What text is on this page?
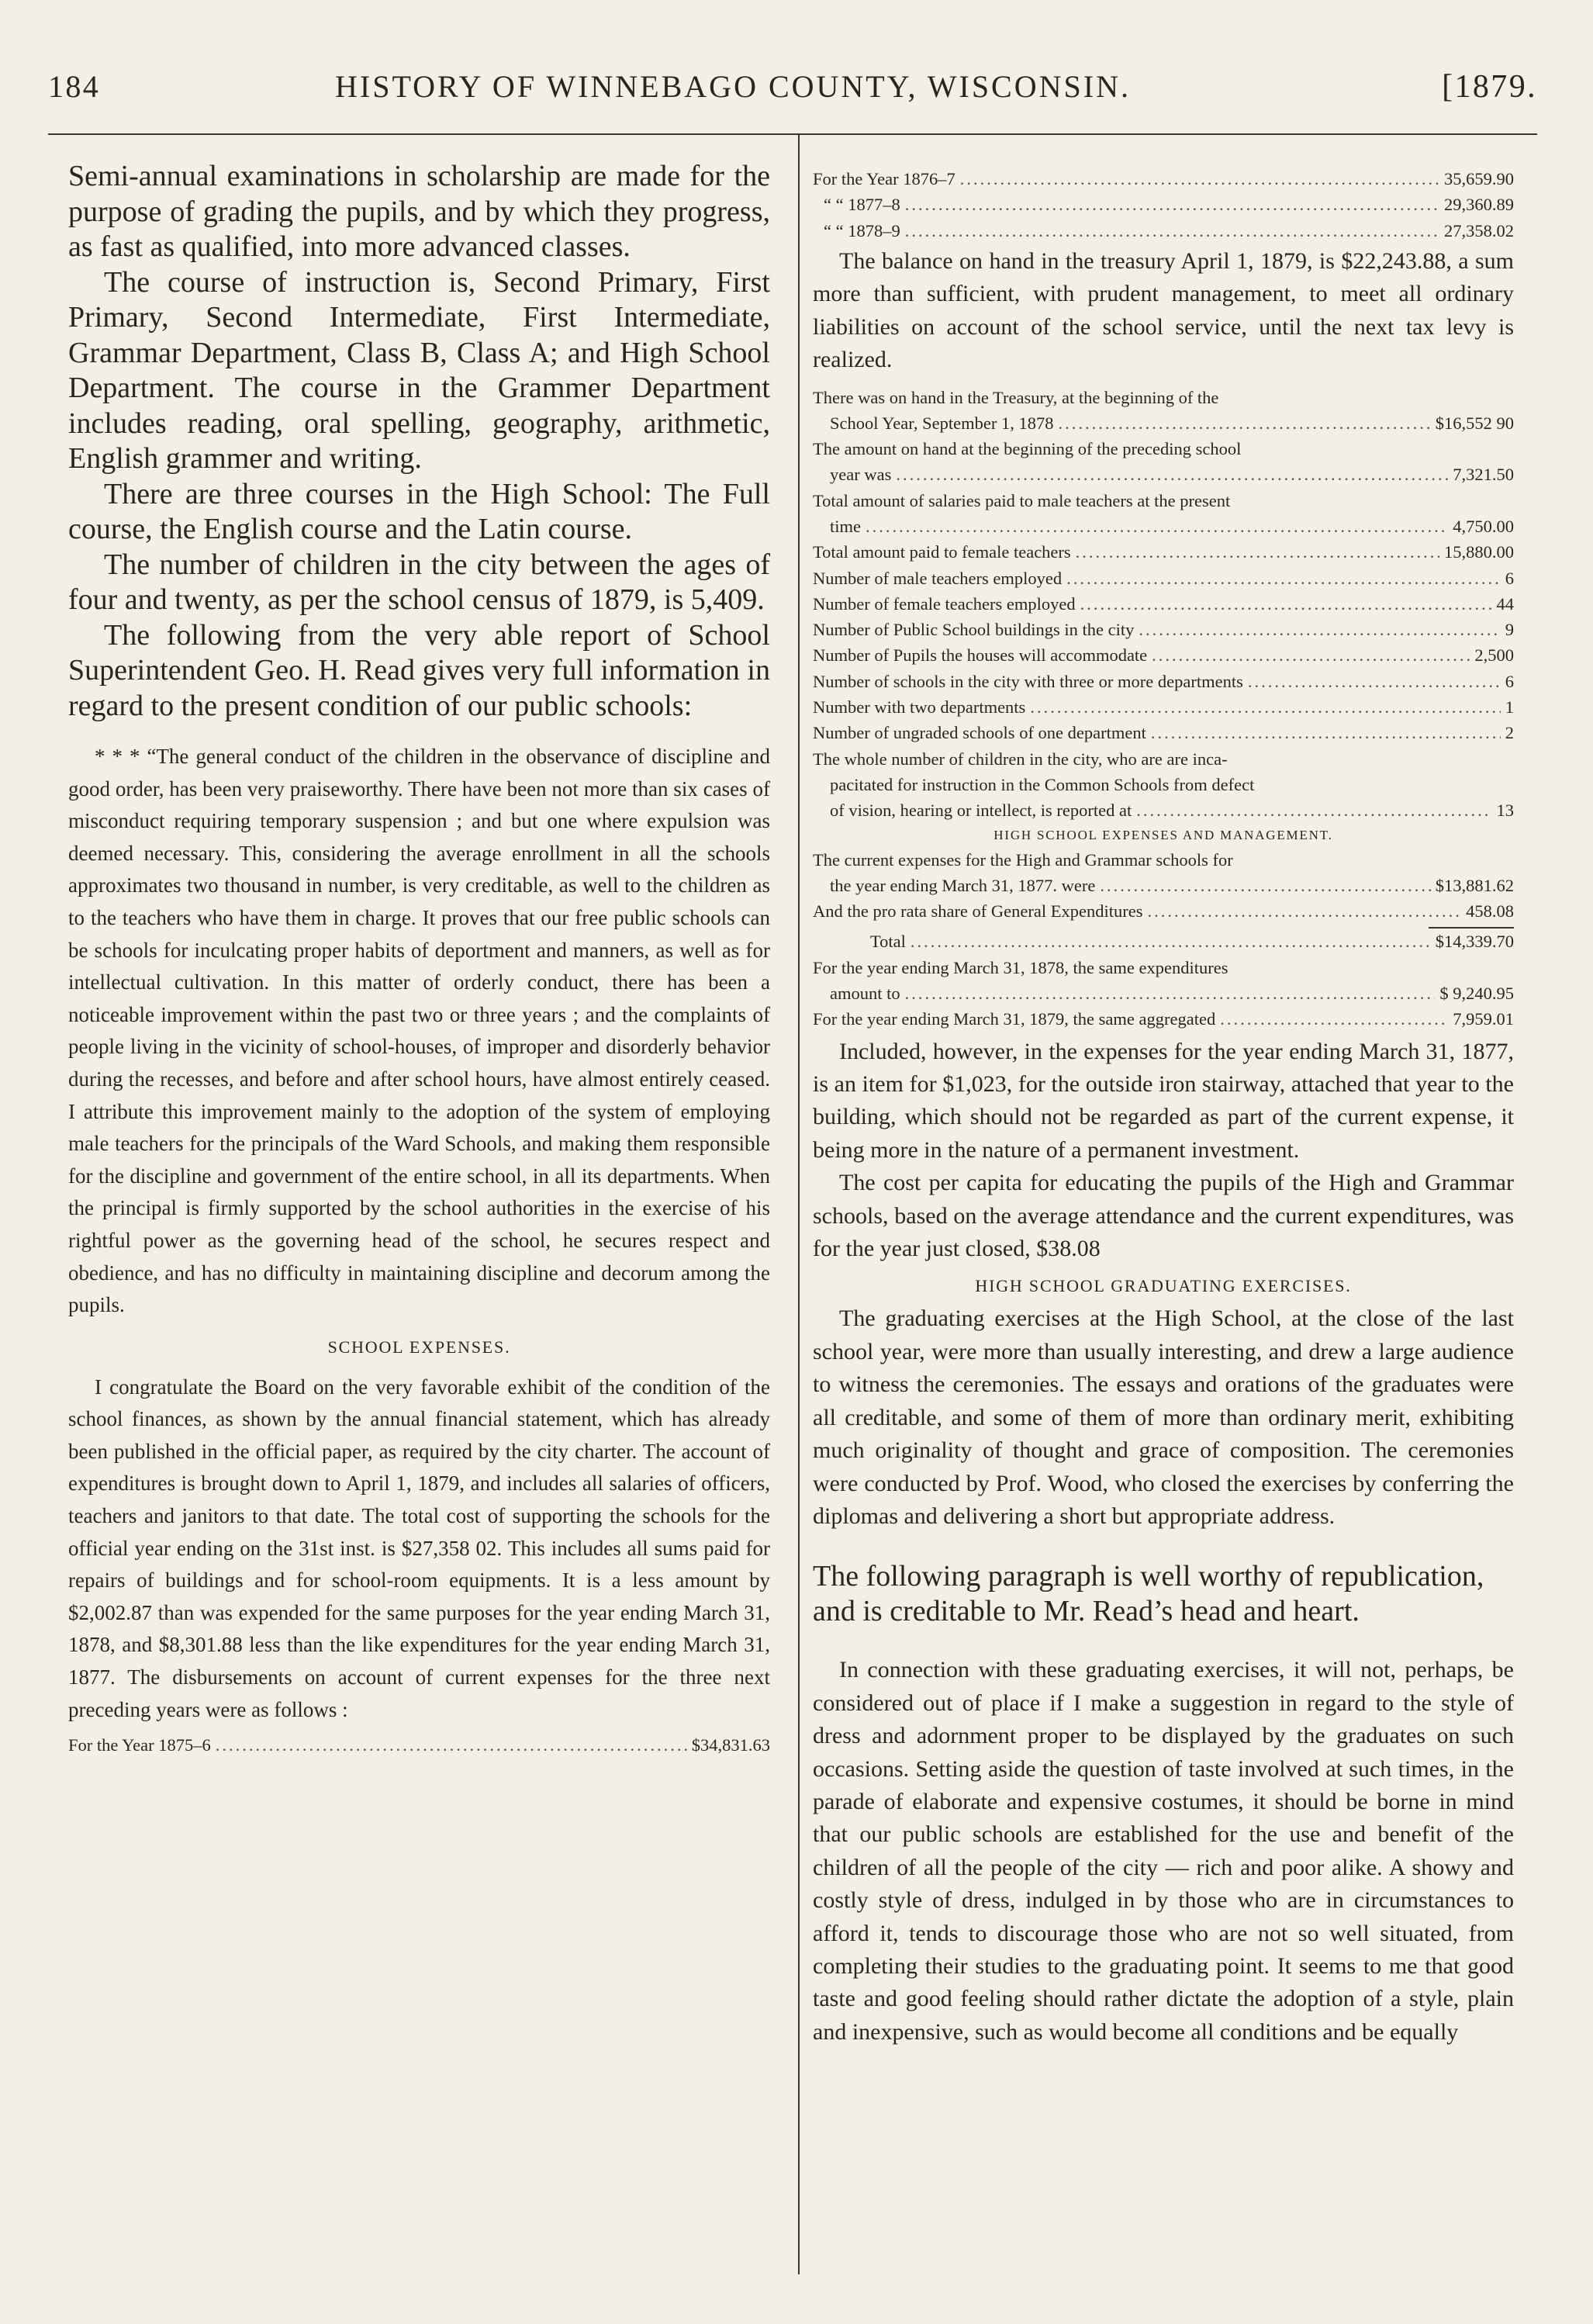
184	HISTORY OF WINNEBAGO COUNTY, WISCONSIN.	[1879.

Semi-annual examinations in scholarship are made for the purpose of grading the pupils, and by which they progress, as fast as qualified, into more advanced classes.

The course of instruction is, Second Primary, First Primary, Second Intermediate, First Intermediate, Grammar Department, Class B, Class A; and High School Department. The course in the Grammer Department includes reading, oral spelling, geography, arithmetic, English grammer and writing.

There are three courses in the High School: The Full course, the English course and the Latin course.

The number of children in the city between the ages of four and twenty, as per the school census of 1879, is 5,409.

The following from the very able report of School Superintendent Geo. H. Read gives very full information in regard to the present condition of our public schools:

* * * “The general conduct of the children in the observance of discipline and good order, has been very praiseworthy. There have been not more than six cases of misconduct requiring temporary suspension ; and but one where expulsion was deemed necessary. This, considering the average enrollment in all the schools approximates two thousand in number, is very creditable, as well to the children as to the teachers who have them in charge. It proves that our free public schools can be schools for inculcating proper habits of deportment and manners, as well as for intellectual cultivation. In this matter of orderly conduct, there has been a noticeable improvement within the past two or three years ; and the complaints of people living in the vicinity of school-houses, of improper and disorderly behavior during the recesses, and before and after school hours, have almost entirely ceased. I attribute this improvement mainly to the adoption of the system of employing male teachers for the principals of the Ward Schools, and making them responsible for the discipline and government of the entire school, in all its departments. When the principal is firmly supported by the school authorities in the exercise of his rightful power as the governing head of the school, he secures respect and obedience, and has no difficulty in maintaining discipline and decorum among the pupils.

SCHOOL EXPENSES.

I congratulate the Board on the very favorable exhibit of the condition of the school finances, as shown by the annual financial statement, which has already been published in the official paper, as required by the city charter. The account of expenditures is brought down to April 1, 1879, and includes all salaries of officers, teachers and janitors to that date. The total cost of supporting the schools for the official year ending on the 31st inst. is $27,358 02. This includes all sums paid for repairs of buildings and for school-room equipments. It is a less amount by $2,002.87 than was expended for the same purposes for the year ending March 31, 1878, and $8,301.88 less than the like expenditures for the year ending March 31, 1877. The disbursements on account of current expenses for the three next preceding years were as follows :

For the Year 1875–6 .....	$34,831.63
For the Year 1876–7 .....	35,659.90
“ “ 1877–8 .....	29,360.89
“ “ 1878–9 .....	27,358.02

The balance on hand in the treasury April 1, 1879, is $22,243.88, a sum more than sufficient, with prudent management, to meet all ordinary liabilities on account of the school service, until the next tax levy is realized.

There was on hand in the Treasury, at the beginning of the
School Year, September 1, 1878 .....	$16,552 90
The amount on hand at the beginning of the preceding school
year was .....	7,321.50
Total amount of salaries paid to male teachers at the present
time .....	4,750.00
Total amount paid to female teachers .....	15,880.00
Number of male teachers employed .....	6
Number of female teachers employed .....	44
Number of Public School buildings in the city .....	9
Number of Pupils the houses will accommodate .....	2,500
Number of schools in the city with three or more departments .....	6
Number with two departments .....	1
Number of ungraded schools of one department .....	2
The whole number of children in the city, who are are inca-
pacitated for instruction in the Common Schools from defect
of vision, hearing or intellect, is reported at .....	13
HIGH SCHOOL EXPENSES AND MANAGEMENT.
The current expenses for the High and Grammar schools for
the year ending March 31, 1877. were .....	$13,881.62
And the pro rata share of General Expenditures .....	458.08
Total .....	$14,339.70
For the year ending March 31, 1878, the same expenditures
amount to .....	$ 9,240.95
For the year ending March 31, 1879, the same aggregated .....	7,959.01

Included, however, in the expenses for the year ending March 31, 1877, is an item for $1,023, for the outside iron stairway, attached that year to the building, which should not be regarded as part of the current expense, it being more in the nature of a permanent investment.

The cost per capita for educating the pupils of the High and Grammar schools, based on the average attendance and the current expenditures, was for the year just closed, $38.08

HIGH SCHOOL GRADUATING EXERCISES.

The graduating exercises at the High School, at the close of the last school year, were more than usually interesting, and drew a large audience to witness the ceremonies. The essays and orations of the graduates were all creditable, and some of them of more than ordinary merit, exhibiting much originality of thought and grace of composition. The ceremonies were conducted by Prof. Wood, who closed the exercises by conferring the diplomas and delivering a short but appropriate address.

The following paragraph is well worthy of republication, and is creditable to Mr. Read’s head and heart.

In connection with these graduating exercises, it will not, perhaps, be considered out of place if I make a suggestion in regard to the style of dress and adornment proper to be displayed by the graduates on such occasions. Setting aside the question of taste involved at such times, in the parade of elaborate and expensive costumes, it should be borne in mind that our public schools are established for the use and benefit of the children of all the people of the city — rich and poor alike. A showy and costly style of dress, indulged in by those who are in circumstances to afford it, tends to discourage those who are not so well situated, from completing their studies to the graduating point. It seems to me that good taste and good feeling should rather dictate the adoption of a style, plain and inexpensive, such as would become all conditions and be equally
